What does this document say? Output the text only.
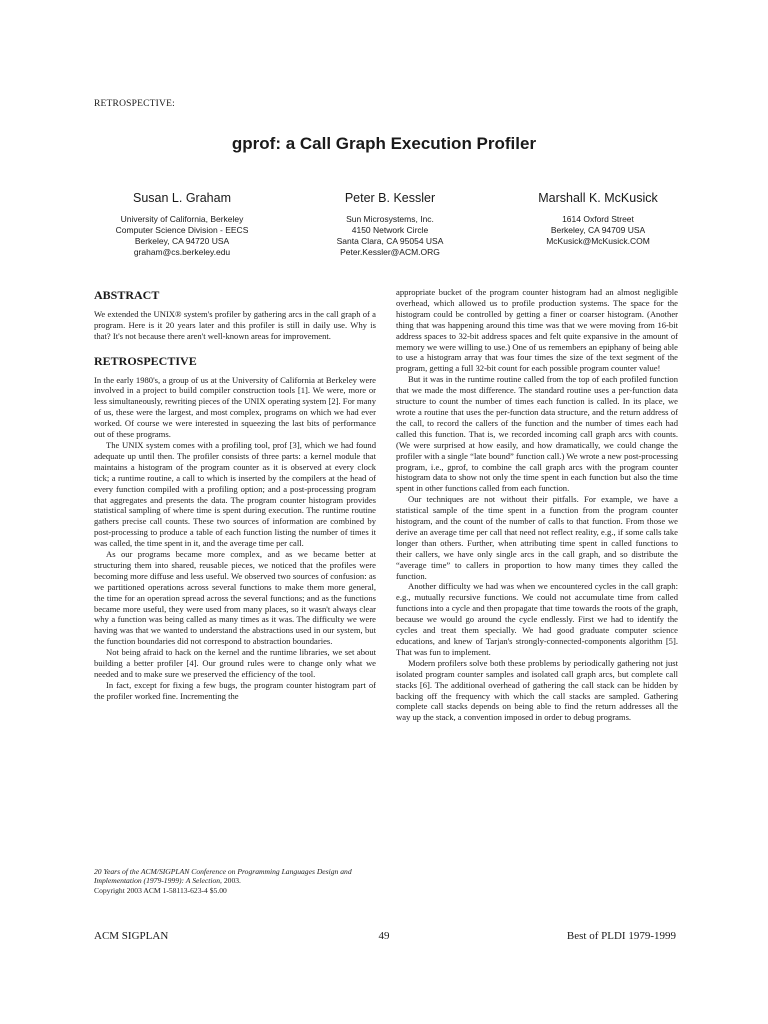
RETROSPECTIVE:
gprof: a Call Graph Execution Profiler
Susan L. Graham
University of California, Berkeley
Computer Science Division - EECS
Berkeley, CA 94720 USA
graham@cs.berkeley.edu
Peter B. Kessler
Sun Microsystems, Inc.
4150 Network Circle
Santa Clara, CA 95054 USA
Peter.Kessler@ACM.ORG
Marshall K. McKusick
1614 Oxford Street
Berkeley, CA 94709 USA
McKusick@McKusick.COM
ABSTRACT

We extended the UNIX® system's profiler by gathering arcs in the call graph of a program. Here is it 20 years later and this profiler is still in daily use. Why is that? It's not because there aren't well-known areas for improvement.

RETROSPECTIVE

In the early 1980's, a group of us at the University of California at Berkeley were involved in a project to build compiler construction tools [1]. We were, more or less simultaneously, rewriting pieces of the UNIX operating system [2]. For many of us, these were the largest, and most complex, programs on which we had ever worked. Of course we were interested in squeezing the last bits of performance out of these programs.

The UNIX system comes with a profiling tool, prof [3], which we had found adequate up until then. The profiler consists of three parts: a kernel module that maintains a histogram of the program counter as it is observed at every clock tick; a runtime routine, a call to which is inserted by the compilers at the head of every function compiled with a profiling option; and a post-processing program that aggregates and presents the data. The program counter histogram provides statistical sampling of where time is spent during execution. The runtime routine gathers precise call counts. These two sources of information are combined by post-processing to produce a table of each function listing the number of times it was called, the time spent in it, and the average time per call.

As our programs became more complex, and as we became better at structuring them into shared, reusable pieces, we noticed that the profiles were becoming more diffuse and less useful. We observed two sources of confusion: as we partitioned operations across several functions to make them more general, the time for an operation spread across the several functions; and as the functions became more useful, they were used from many places, so it wasn't always clear why a function was being called as many times as it was. The difficulty we were having was that we wanted to understand the abstractions used in our system, but the function boundaries did not correspond to abstraction boundaries.

Not being afraid to hack on the kernel and the runtime libraries, we set about building a better profiler [4]. Our ground rules were to change only what we needed and to make sure we preserved the efficiency of the tool.

In fact, except for fixing a few bugs, the program counter histogram part of the profiler worked fine. Incrementing the

appropriate bucket of the program counter histogram had an almost negligible overhead, which allowed us to profile production systems. The space for the histogram could be controlled by getting a finer or coarser histogram. (Another thing that was happening around this time was that we were moving from 16-bit address spaces to 32-bit address spaces and felt quite expansive in the amount of memory we were willing to use.) One of us remembers an epiphany of being able to use a histogram array that was four times the size of the text segment of the program, getting a full 32-bit count for each possible program counter value!

But it was in the runtime routine called from the top of each profiled function that we made the most difference. The standard routine uses a per-function data structure to count the number of times each function is called. In its place, we wrote a routine that uses the per-function data structure, and the return address of the call, to record the callers of the function and the number of times each had called this function. That is, we recorded incoming call graph arcs with counts. (We were surprised at how easily, and how dramatically, we could change the profiler with a single “late bound” function call.) We wrote a new post-processing program, i.e., gprof, to combine the call graph arcs with the program counter histogram data to show not only the time spent in each function but also the time spent in other functions called from each function.

Our techniques are not without their pitfalls. For example, we have a statistical sample of the time spent in a function from the program counter histogram, and the count of the number of calls to that function. From those we derive an average time per call that need not reflect reality, e.g., if some calls take longer than others. Further, when attributing time spent in called functions to their callers, we have only single arcs in the call graph, and so distribute the “average time” to callers in proportion to how many times they called the function.

Another difficulty we had was when we encountered cycles in the call graph: e.g., mutually recursive functions. We could not accumulate time from called functions into a cycle and then propagate that time towards the roots of the graph, because we would go around the cycle endlessly. First we had to identify the cycles and treat them specially. We had good graduate computer science educations, and knew of Tarjan's strongly-connected-components algorithm [5]. That was fun to implement.

Modern profilers solve both these problems by periodically gathering not just isolated program counter samples and isolated call graph arcs, but complete call stacks [6]. The additional overhead of gathering the call stack can be hidden by backing off the frequency with which the call stacks are sampled. Gathering complete call stacks depends on being able to find the return addresses all the way up the stack, a convention imposed in order to debug programs.

20 Years of the ACM/SIGPLAN Conference on Programming Languages Design and Implementation (1979-1999): A Selection, 2003.
Copyright 2003 ACM 1-58113-623-4 $5.00
ACM SIGPLAN	49	Best of PLDI 1979-1999
